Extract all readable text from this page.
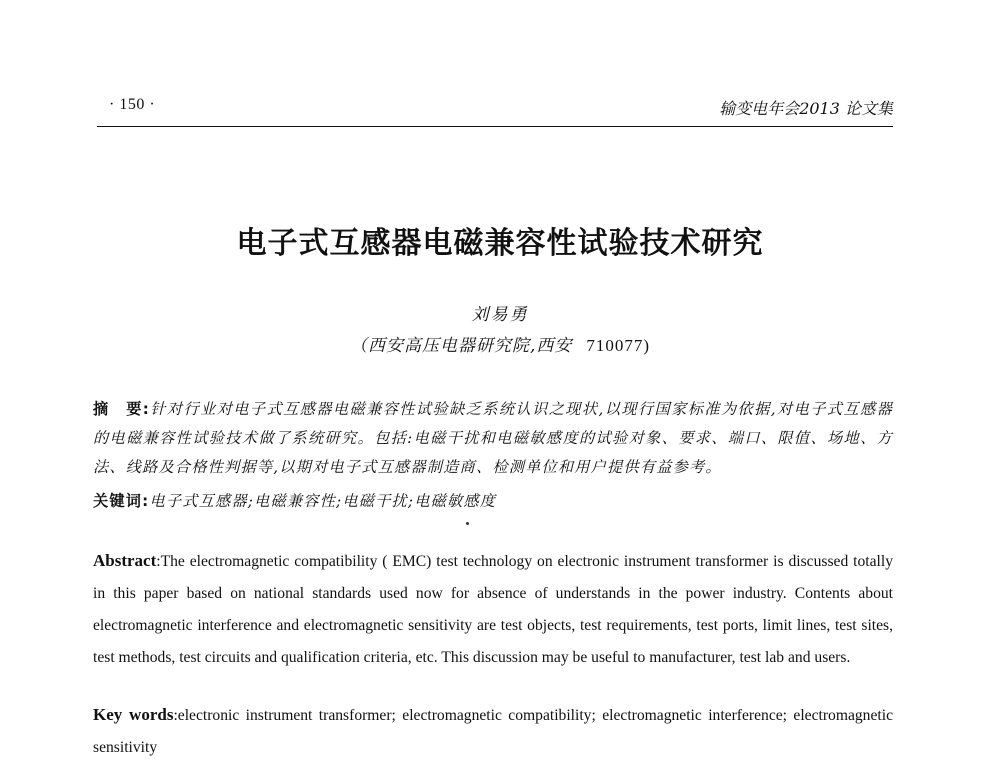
· 150 ·	输变电年会2013 论文集
电子式互感器电磁兼容性试验技术研究
刘易勇
（西安高压电器研究院,西安 710077)
摘　要:针对行业对电子式互感器电磁兼容性试验缺乏系统认识之现状,以现行国家标准为依据,对电子式互感器的电磁兼容性试验技术做了系统研究。包括:电磁干扰和电磁敏感度的试验对象、要求、端口、限值、场地、方法、线路及合格性判据等,以期对电子式互感器制造商、检测单位和用户提供有益参考。
关键词:电子式互感器;电磁兼容性;电磁干扰;电磁敏感度
Abstract:The electromagnetic compatibility ( EMC) test technology on electronic instrument transformer is discussed totally in this paper based on national standards used now for absence of understands in the power industry. Contents about electromagnetic interference and electromagnetic sensitivity are test objects, test requirements, test ports, limit lines, test sites, test methods, test circuits and qualification criteria, etc. This discussion may be useful to manufacturer, test lab and users.
Key words:electronic instrument transformer; electromagnetic compatibility; electromagnetic interference; electromagnetic sensitivity
